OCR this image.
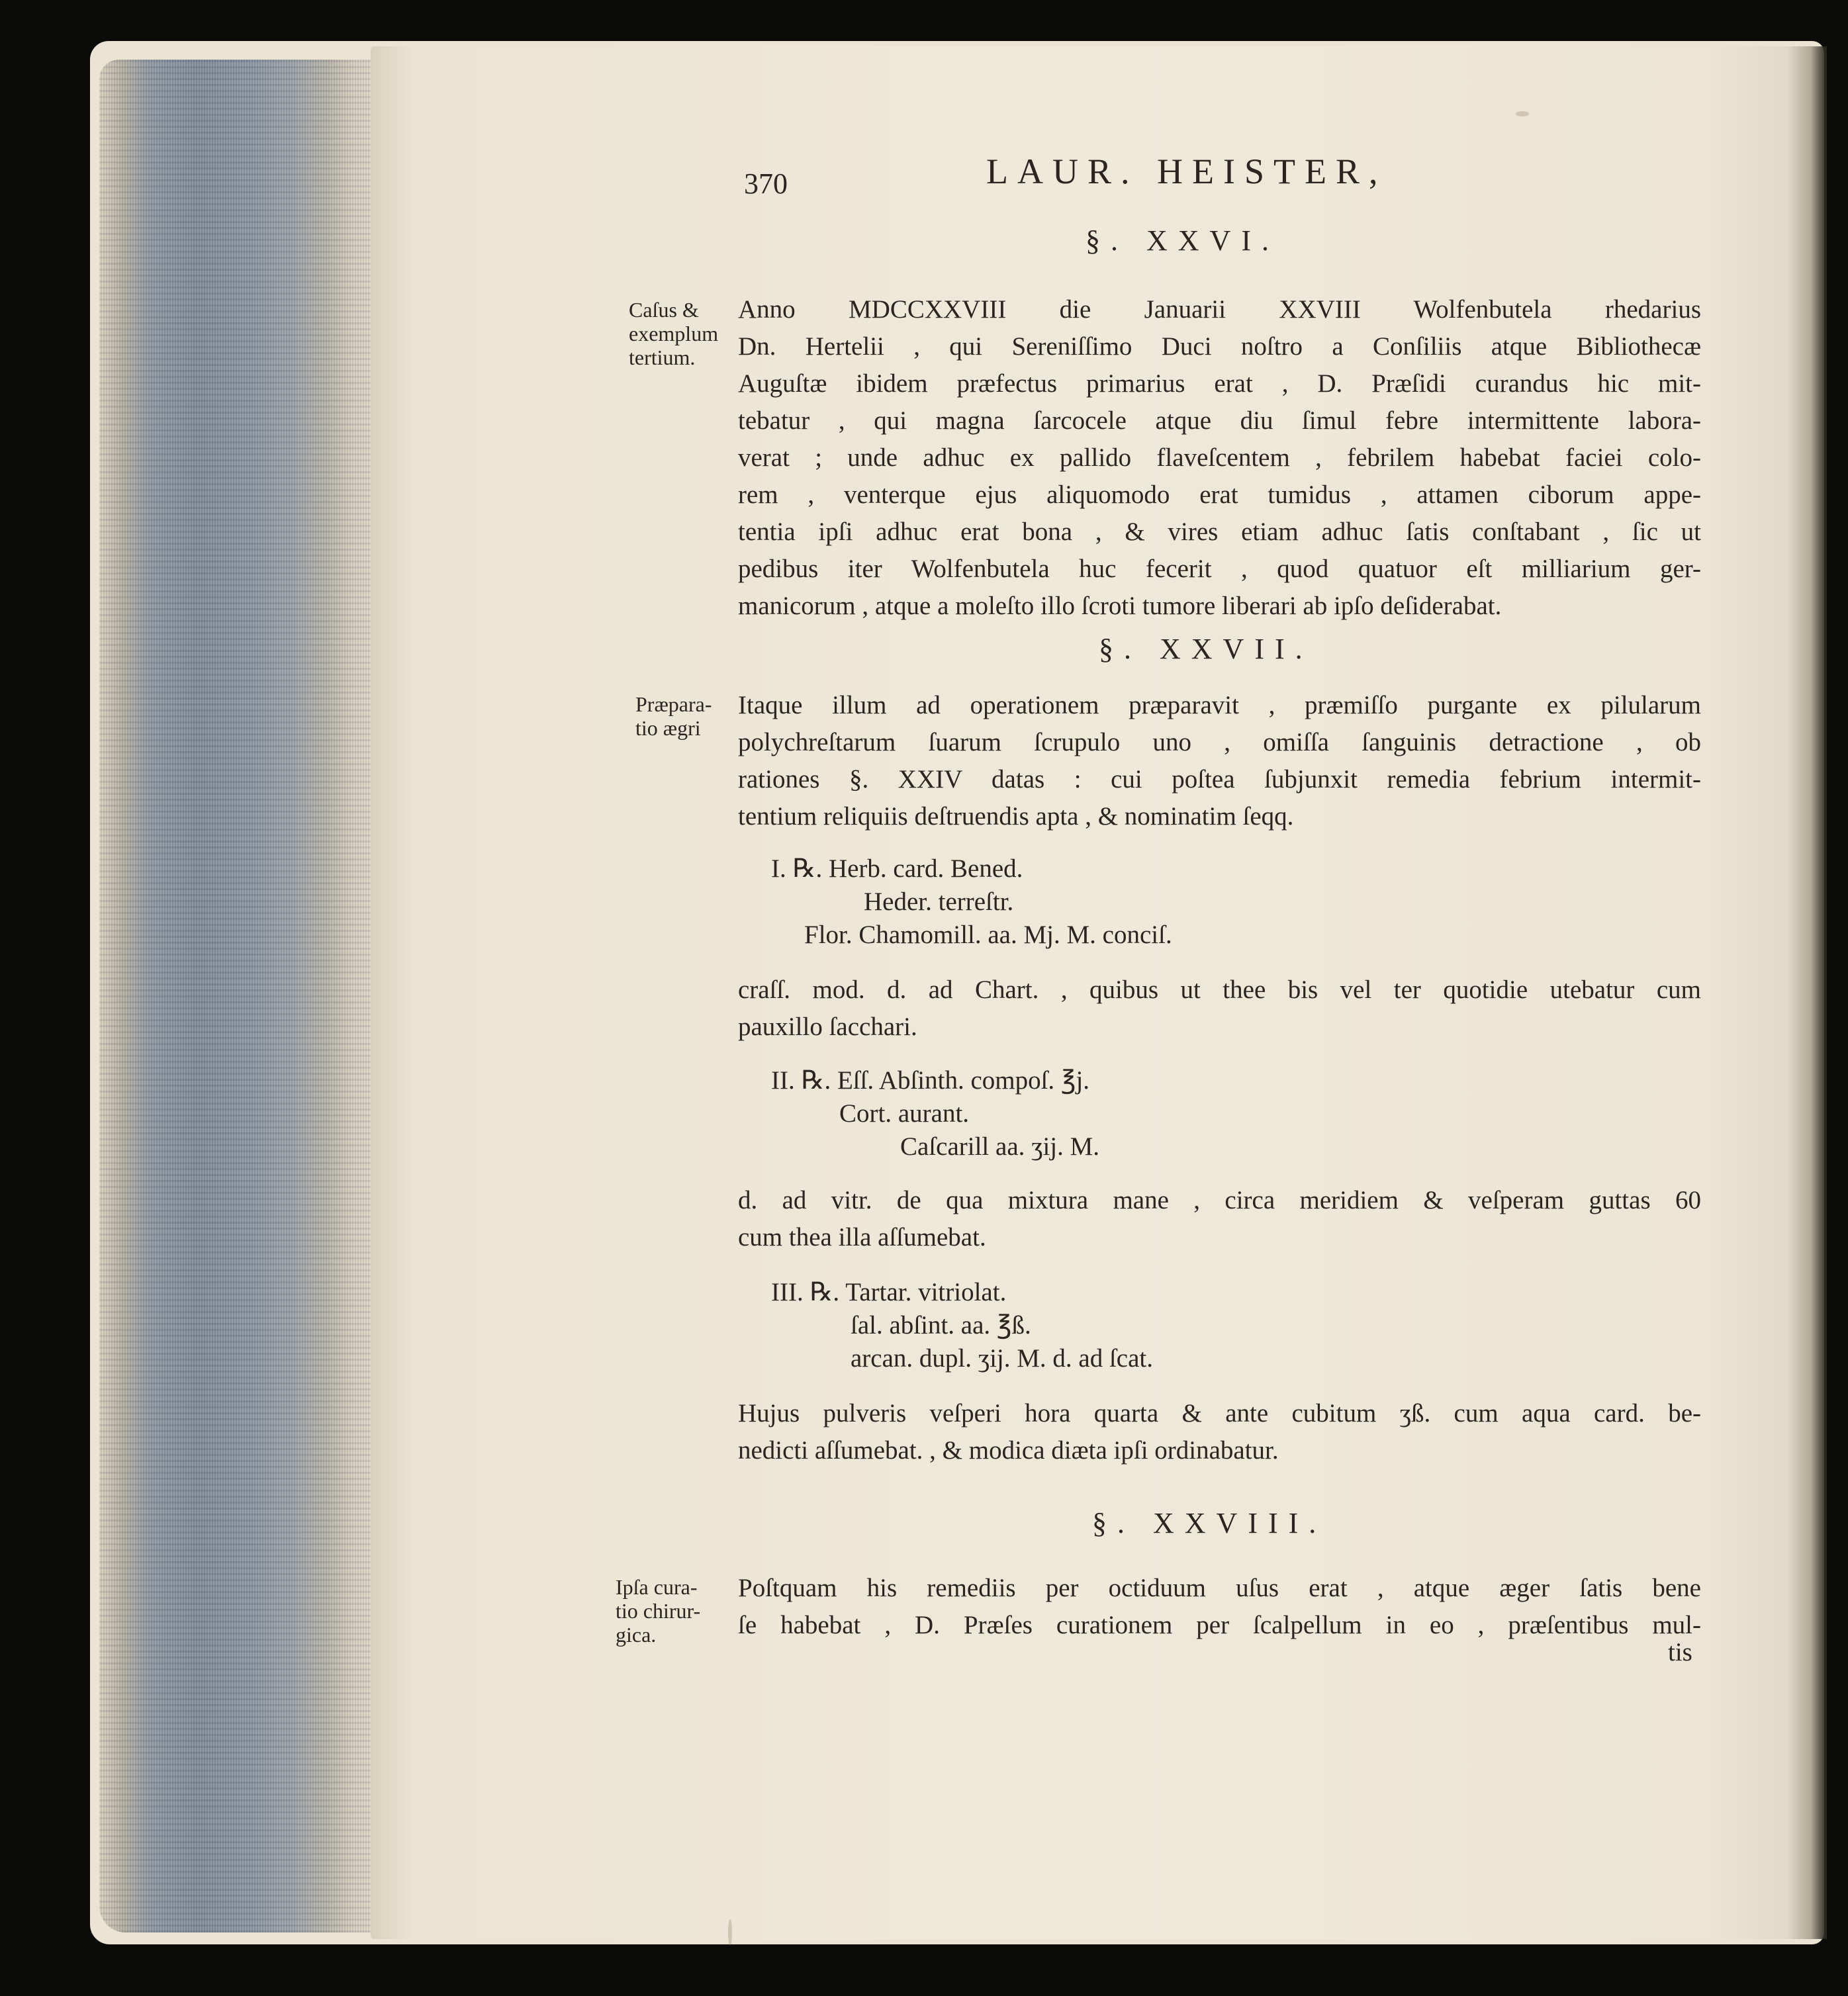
370	LAUR. HEISTER,
§. XXVI.
Caſus &
exemplum
tertium.
Anno MDCCXXVIII die Januarii XXVIII Wolfenbutela rhedarius
Dn. Hertelii , qui Sereniſſimo Duci noſtro a Conſiliis atque Bibliothecæ
Auguſtæ ibidem præfectus primarius erat , D. Præſidi curandus hic mit-
tebatur , qui magna ſarcocele atque diu ſimul febre intermittente labora-
verat ; unde adhuc ex pallido flaveſcentem , febrilem habebat faciei colo-
rem , venterque ejus aliquomodo erat tumidus , attamen ciborum appe-
tentia ipſi adhuc erat bona , & vires etiam adhuc ſatis conſtabant , ſic ut
pedibus iter Wolfenbutela huc fecerit , quod quatuor eſt milliarium ger-
manicorum , atque a moleſto illo ſcroti tumore liberari ab ipſo deſiderabat.
§. XXVII.
Præpara-
tio ægri
Itaque illum ad operationem præparavit , præmiſſo purgante ex pilularum
polychreſtarum ſuarum ſcrupulo uno , omiſſa ſanguinis detractione , ob
rationes §. XXIV datas : cui poſtea ſubjunxit remedia febrium intermit-
tentium reliquiis deſtruendis apta , & nominatim ſeqq.
I. ℞. Herb. card. Bened.
Heder. terreſtr.
Flor. Chamomill. aa. Mj. M. conciſ.
craſſ. mod. d. ad Chart. , quibus ut thee bis vel ter quotidie utebatur cum
pauxillo ſacchari.
II. ℞. Eſſ. Abſinth. compoſ. ℥j.
Cort. aurant.
Caſcarill aa. ʒij. M.
d. ad vitr. de qua mixtura mane , circa meridiem & veſperam guttas 60
cum thea illa aſſumebat.
III. ℞. Tartar. vitriolat.
ſal. abſint. aa. ℥ß.
arcan. dupl. ʒij. M. d. ad ſcat.
Hujus pulveris veſperi hora quarta & ante cubitum ʒß. cum aqua card. be-
nedicti aſſumebat. , & modica diæta ipſi ordinabatur.
§. XXVIII.
Ipſa cura-
tio chirur-
gica.
Poſtquam his remediis per octiduum uſus erat , atque æger ſatis bene
ſe habebat , D. Præſes curationem per ſcalpellum in eo , præſentibus mul-
tis
